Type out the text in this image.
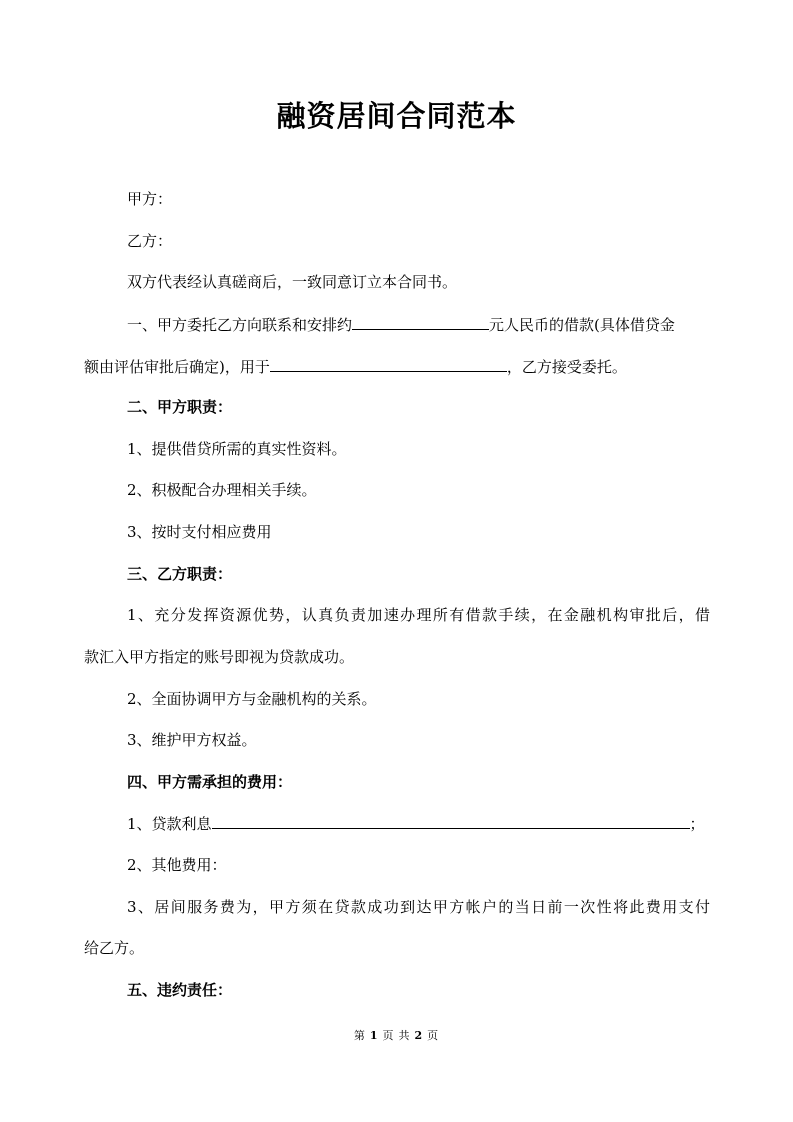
融资居间合同范本
甲方：
乙方：
双方代表经认真磋商后，一致同意订立本合同书。
一、甲方委托乙方向联系和安排约	元人民币的借款(具体借贷金
额由评估审批后确定)，用于	，乙方接受委托。
二、甲方职责：
1、提供借贷所需的真实性资料。
2、积极配合办理相关手续。
3、按时支付相应费用
三、乙方职责：
1、充分发挥资源优势，认真负责加速办理所有借款手续，在金融机构审批后，借
款汇入甲方指定的账号即视为贷款成功。
2、全面协调甲方与金融机构的关系。
3、维护甲方权益。
四、甲方需承担的费用：
1、贷款利息	；
2、其他费用：
3、居间服务费为，甲方须在贷款成功到达甲方帐户的当日前一次性将此费用支付
给乙方。
五、违约责任：
第 1 页 共 2 页
